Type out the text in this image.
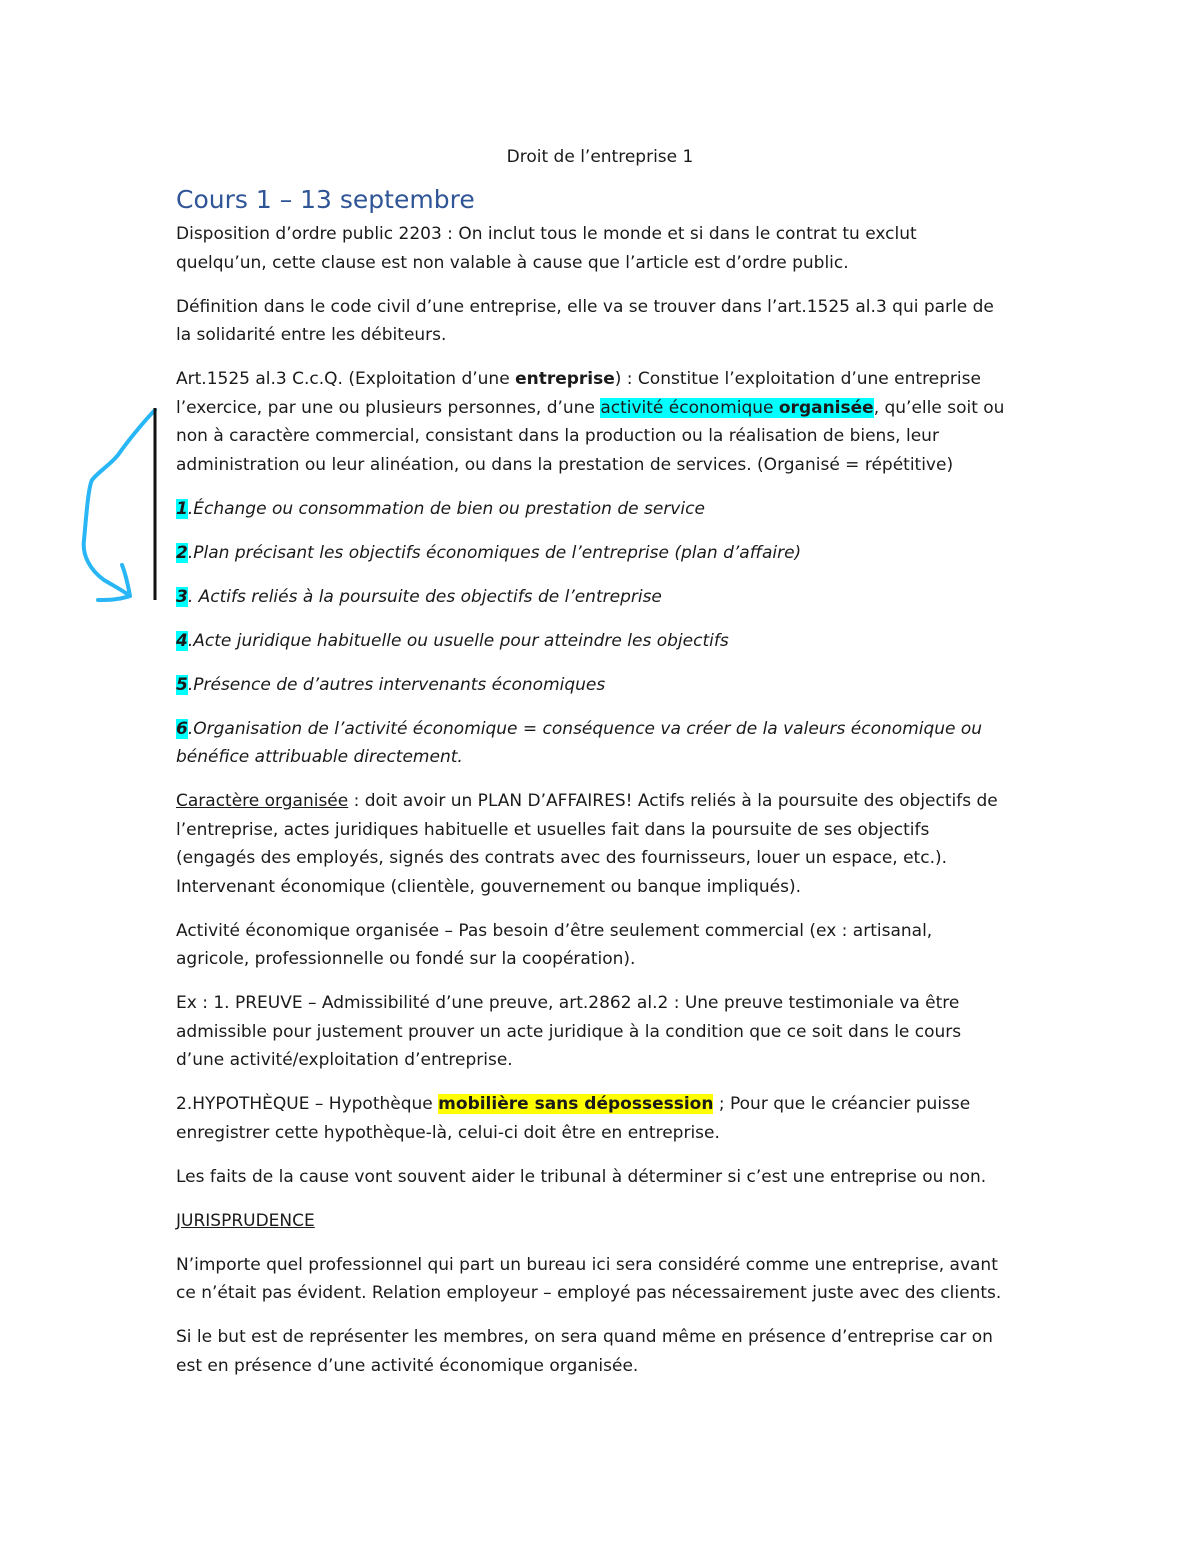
Droit de l’entreprise 1
Cours 1 – 13 septembre

Disposition d’ordre public 2203 : On inclut tous le monde et si dans le contrat tu exclut
quelqu’un, cette clause est non valable à cause que l’article est d’ordre public.

Définition dans le code civil d’une entreprise, elle va se trouver dans l’art.1525 al.3 qui parle de
la solidarité entre les débiteurs.

Art.1525 al.3 C.c.Q. (Exploitation d’une entreprise) : Constitue l’exploitation d’une entreprise
l’exercice, par une ou plusieurs personnes, d’une activité économique organisée, qu’elle soit ou
non à caractère commercial, consistant dans la production ou la réalisation de biens, leur
administration ou leur alinéation, ou dans la prestation de services. (Organisé = répétitive)

1.Échange ou consommation de bien ou prestation de service

2.Plan précisant les objectifs économiques de l’entreprise (plan d’affaire)

3. Actifs reliés à la poursuite des objectifs de l’entreprise

4.Acte juridique habituelle ou usuelle pour atteindre les objectifs

5.Présence de d’autres intervenants économiques

6.Organisation de l’activité économique = conséquence va créer de la valeurs économique ou
bénéfice attribuable directement.

Caractère organisée : doit avoir un PLAN D’AFFAIRES! Actifs reliés à la poursuite des objectifs de
l’entreprise, actes juridiques habituelle et usuelles fait dans la poursuite de ses objectifs
(engagés des employés, signés des contrats avec des fournisseurs, louer un espace, etc.).
Intervenant économique (clientèle, gouvernement ou banque impliqués).

Activité économique organisée – Pas besoin d’être seulement commercial (ex : artisanal,
agricole, professionnelle ou fondé sur la coopération).

Ex : 1. PREUVE – Admissibilité d’une preuve, art.2862 al.2 : Une preuve testimoniale va être
admissible pour justement prouver un acte juridique à la condition que ce soit dans le cours
d’une activité/exploitation d’entreprise.

2.HYPOTHÈQUE – Hypothèque mobilière sans dépossession ; Pour que le créancier puisse
enregistrer cette hypothèque-là, celui-ci doit être en entreprise.

Les faits de la cause vont souvent aider le tribunal à déterminer si c’est une entreprise ou non.

JURISPRUDENCE

N’importe quel professionnel qui part un bureau ici sera considéré comme une entreprise, avant
ce n’était pas évident. Relation employeur – employé pas nécessairement juste avec des clients.

Si le but est de représenter les membres, on sera quand même en présence d’entreprise car on
est en présence d’une activité économique organisée.
